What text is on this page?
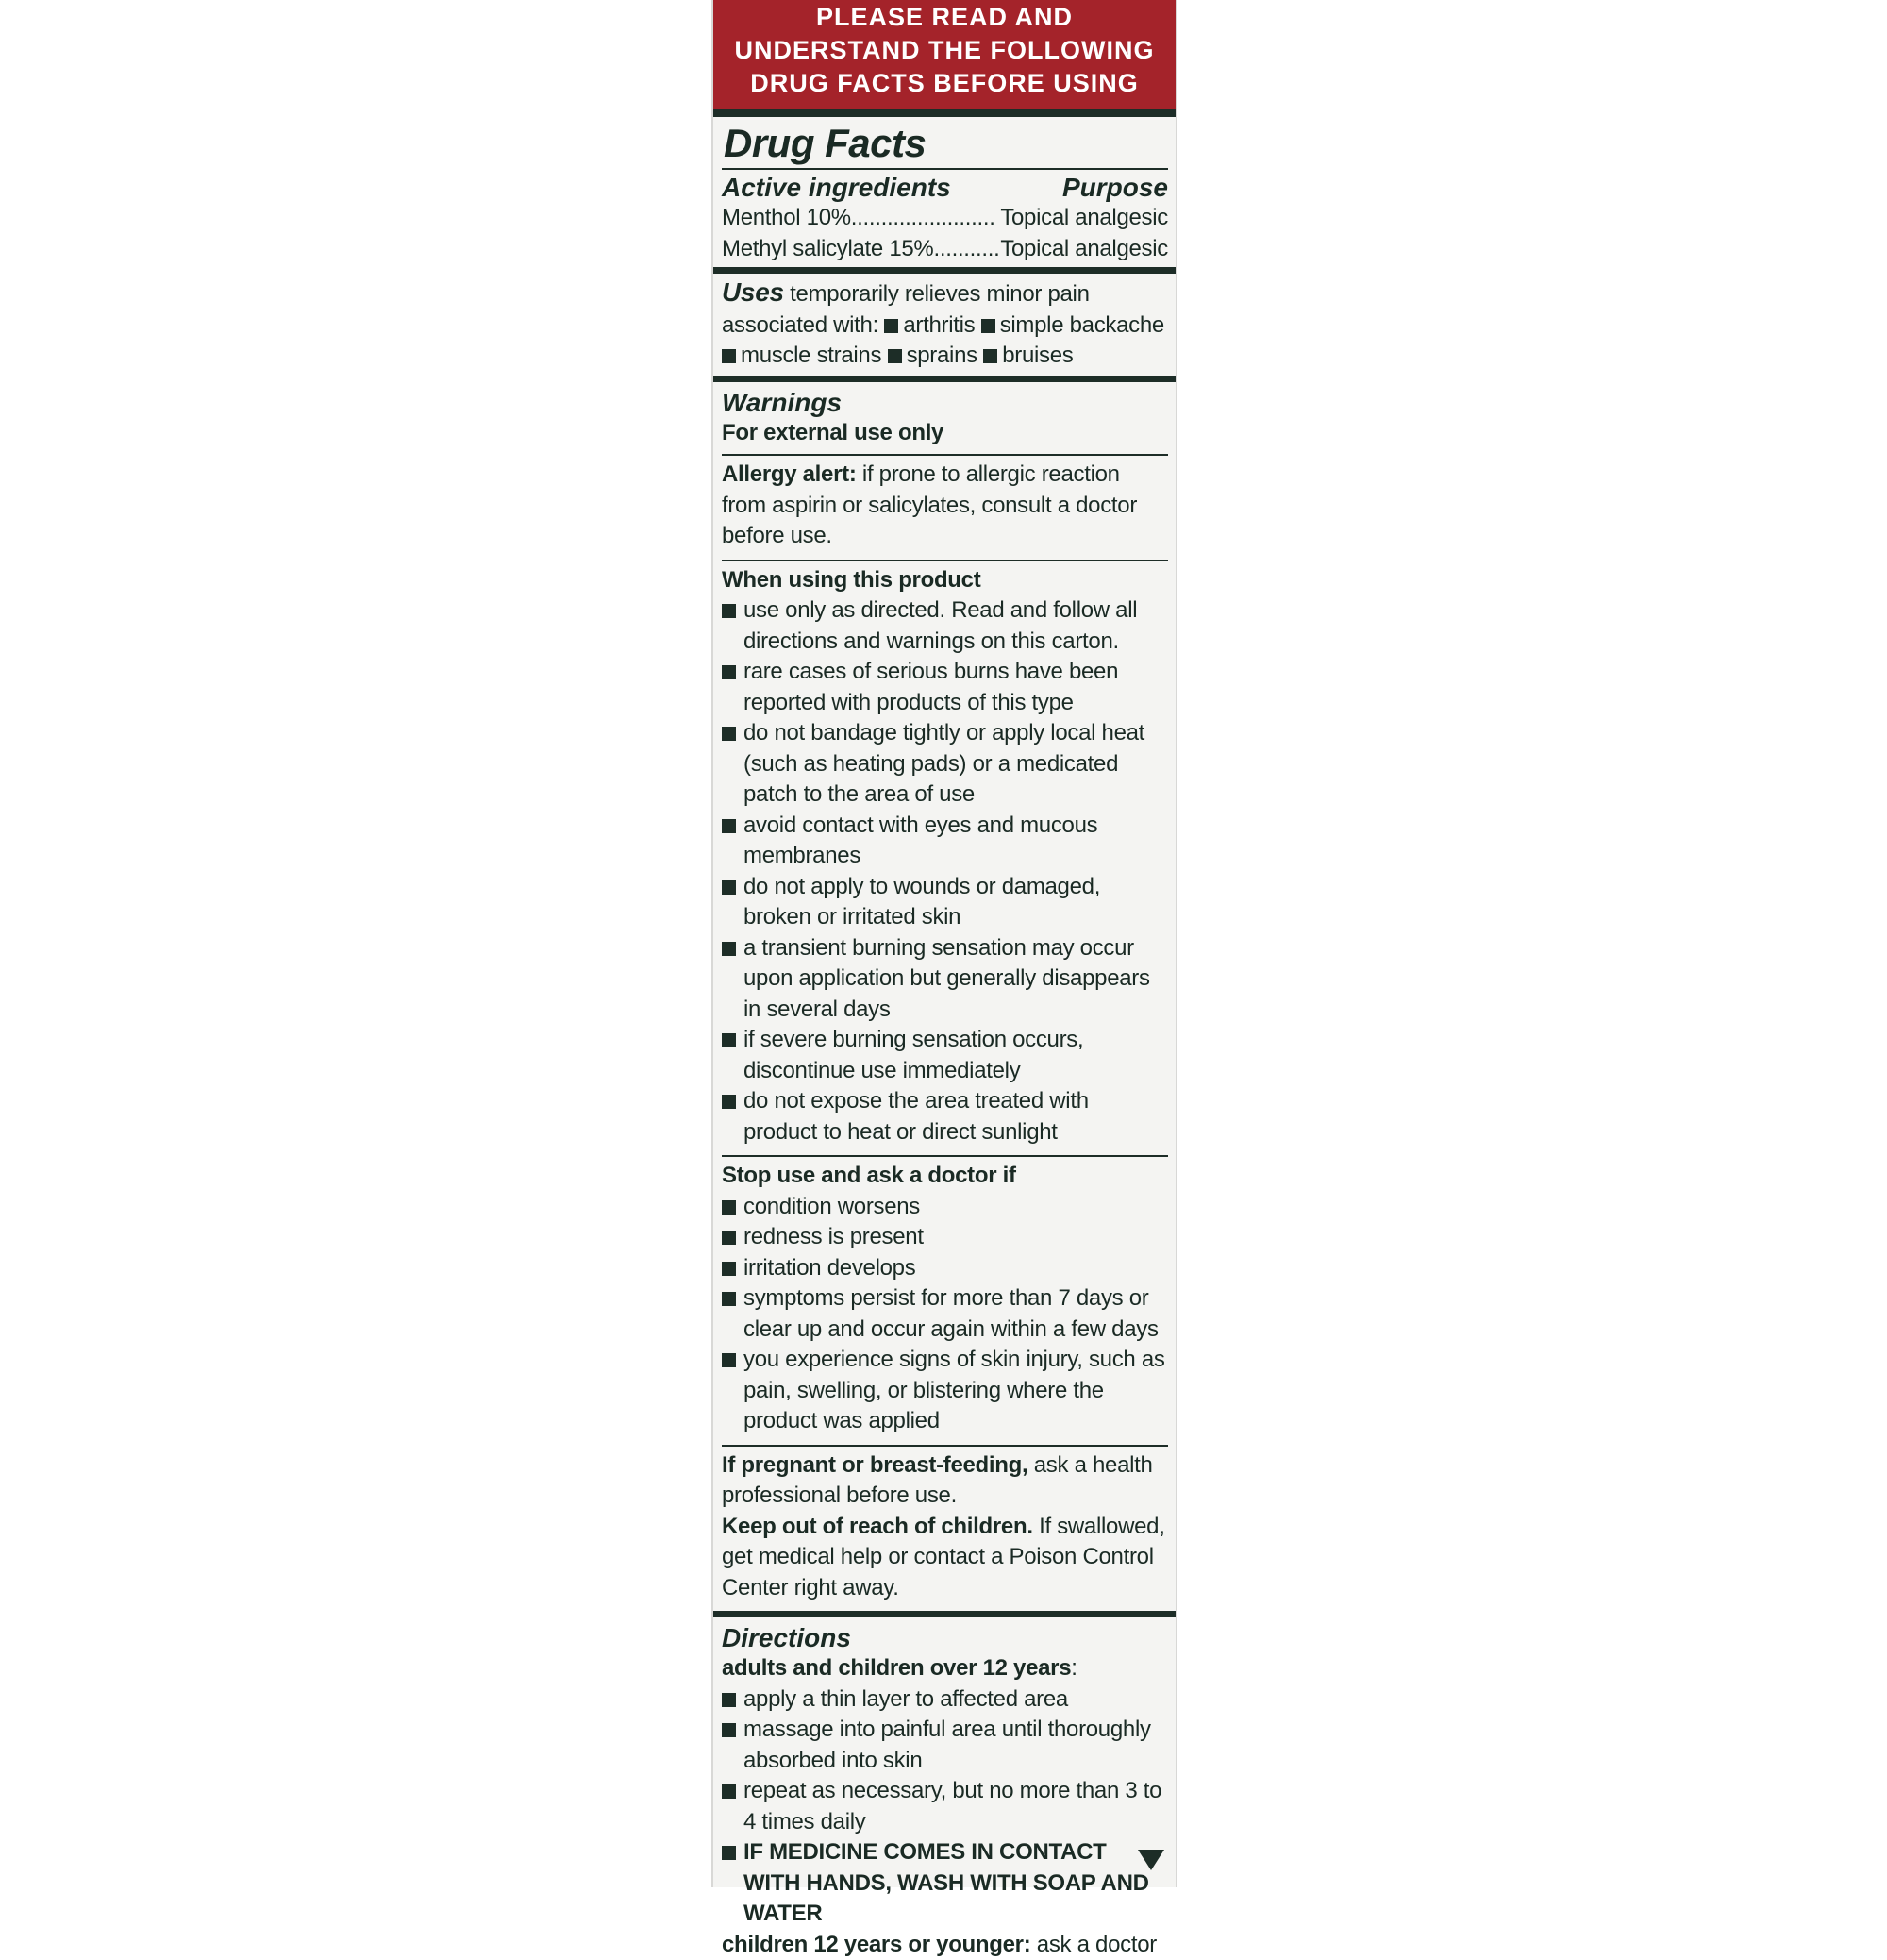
PLEASE READ AND
UNDERSTAND THE FOLLOWING
DRUG FACTS BEFORE USING
Drug Facts
Active ingredients	Purpose
Menthol 10% ........................ Topical analgesic
Methyl salicylate 15% ........... Topical analgesic
Uses temporarily relieves minor pain associated with: arthritis simple backache muscle strains sprains bruises
Warnings
For external use only
Allergy alert: if prone to allergic reaction from aspirin or salicylates, consult a doctor before use.
When using this product
use only as directed. Read and follow all directions and warnings on this carton.
rare cases of serious burns have been reported with products of this type
do not bandage tightly or apply local heat (such as heating pads) or a medicated patch to the area of use
avoid contact with eyes and mucous membranes
do not apply to wounds or damaged, broken or irritated skin
a transient burning sensation may occur upon application but generally disappears in several days
if severe burning sensation occurs, discontinue use immediately
do not expose the area treated with product to heat or direct sunlight
Stop use and ask a doctor if
condition worsens
redness is present
irritation develops
symptoms persist for more than 7 days or clear up and occur again within a few days
you experience signs of skin injury, such as pain, swelling, or blistering where the product was applied
If pregnant or breast-feeding, ask a health professional before use.
Keep out of reach of children. If swallowed, get medical help or contact a Poison Control Center right away.
Directions
adults and children over 12 years:
apply a thin layer to affected area
massage into painful area until thoroughly absorbed into skin
repeat as necessary, but no more than 3 to 4 times daily
IF MEDICINE COMES IN CONTACT WITH HANDS, WASH WITH SOAP AND WATER
children 12 years or younger: ask a doctor
